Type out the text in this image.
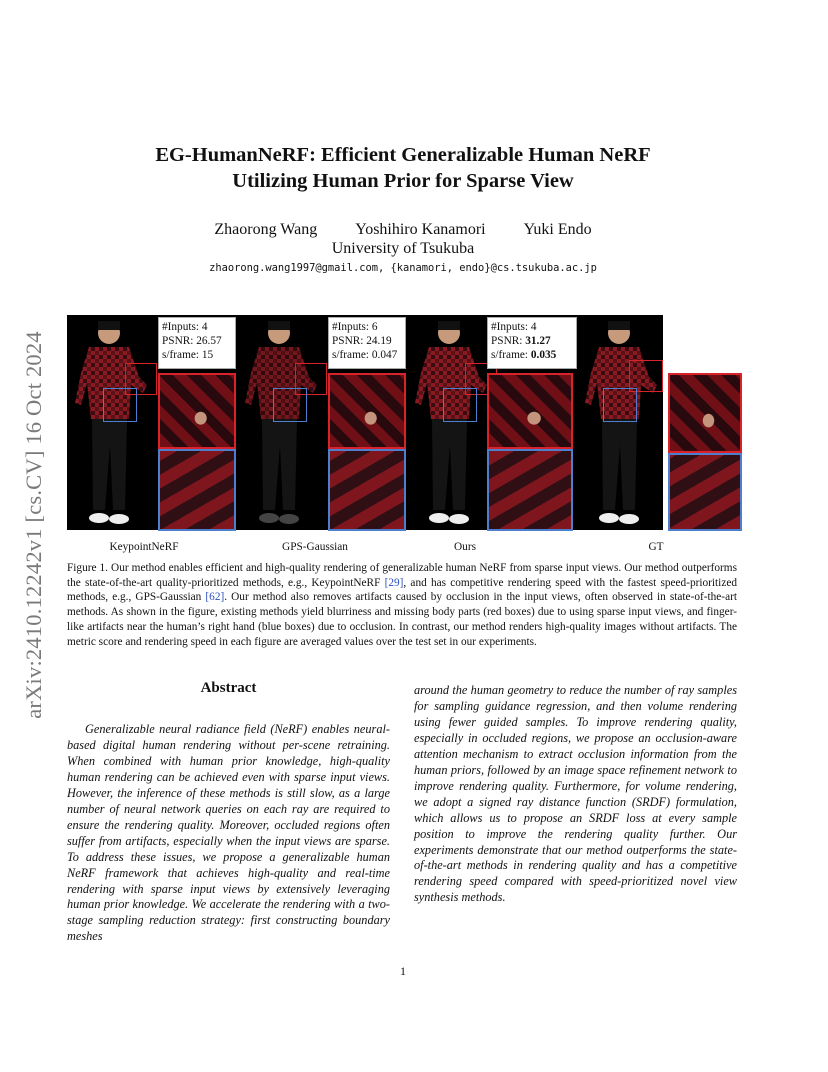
arXiv:2410.12242v1 [cs.CV] 16 Oct 2024
EG-HumanNeRF: Efficient Generalizable Human NeRF
Utilizing Human Prior for Sparse View
Zhaorong Wang Yoshihiro Kanamori Yuki Endo
University of Tsukuba
zhaorong.wang1997@gmail.com, {kanamori, endo}@cs.tsukuba.ac.jp
#Inputs: 4
PSNR: 26.57
s/frame: 15
#Inputs: 6
PSNR: 24.19
s/frame: 0.047
#Inputs: 4
PSNR: 31.27
s/frame: 0.035
KeypointNeRF	GPS-Gaussian	Ours	GT
Figure 1. Our method enables efficient and high-quality rendering of generalizable human NeRF from sparse input views. Our method outperforms the state-of-the-art quality-prioritized methods, e.g., KeypointNeRF [29], and has competitive rendering speed with the fastest speed-prioritized methods, e.g., GPS-Gaussian [62]. Our method also removes artifacts caused by occlusion in the input views, often observed in state-of-the-art methods. As shown in the figure, existing methods yield blurriness and missing body parts (red boxes) due to using sparse input views, and finger-like artifacts near the human’s right hand (blue boxes) due to occlusion. In contrast, our method renders high-quality images without artifacts. The metric score and rendering speed in each figure are averaged values over the test set in our experiments.
Abstract
Generalizable neural radiance field (NeRF) enables neural-based digital human rendering without per-scene retraining. When combined with human prior knowledge, high-quality human rendering can be achieved even with sparse input views. However, the inference of these methods is still slow, as a large number of neural network queries on each ray are required to ensure the rendering quality. Moreover, occluded regions often suffer from artifacts, especially when the input views are sparse. To address these issues, we propose a generalizable human NeRF framework that achieves high-quality and real-time rendering with sparse input views by extensively leveraging human prior knowledge. We accelerate the rendering with a two-stage sampling reduction strategy: first constructing boundary meshes
around the human geometry to reduce the number of ray samples for sampling guidance regression, and then volume rendering using fewer guided samples. To improve rendering quality, especially in occluded regions, we propose an occlusion-aware attention mechanism to extract occlusion information from the human priors, followed by an image space refinement network to improve rendering quality. Furthermore, for volume rendering, we adopt a signed ray distance function (SRDF) formulation, which allows us to propose an SRDF loss at every sample position to improve the rendering quality further. Our experiments demonstrate that our method outperforms the state-of-the-art methods in rendering quality and has a competitive rendering speed compared with speed-prioritized novel view synthesis methods.
1
